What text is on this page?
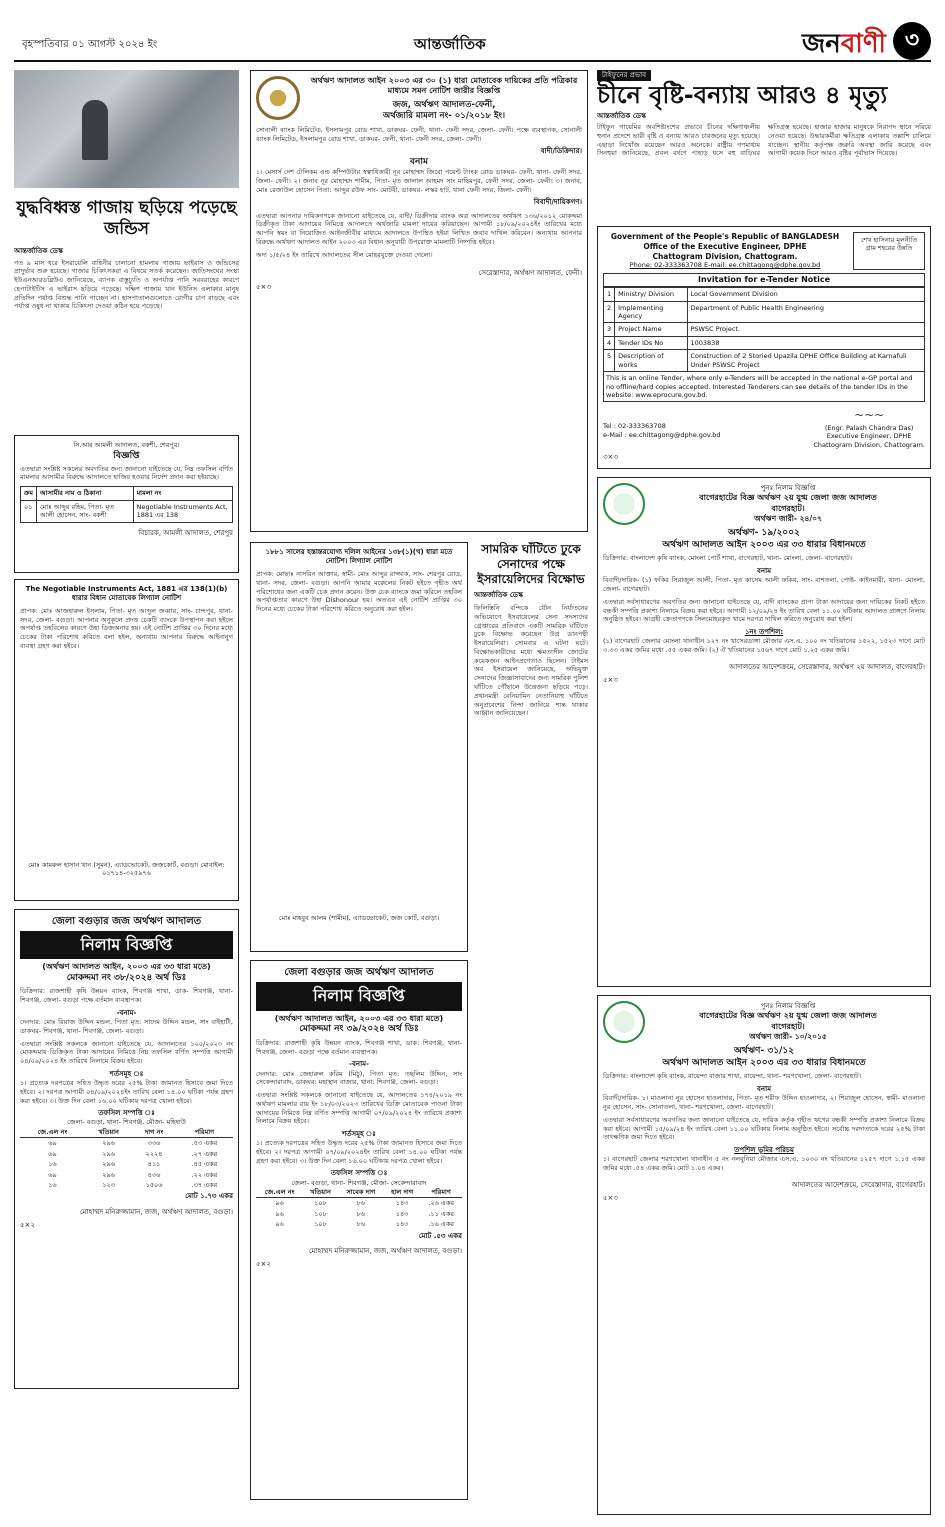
বৃহস্পতিবার ০১ আগস্ট ২০২৪ ইং	আন্তর্জাতিক	জনবাণী ৩
যুদ্ধবিধ্বস্ত গাজায় ছড়িয়ে পড়েছে জন্ডিস
আন্তর্জাতিক ডেস্ক
গত ৯ মাস ধরে ইসরায়েলি বাহিনীর চালানো হামলায় গাজায় ভাইরাস ও জন্ডিসের প্রাদুর্ভাব শুরু হয়েছে। গাজার চিকিৎসকরা এ বিষয়ে সতর্ক করেছেন। জাতিসংঘের সংস্থা ইউএনআরডব্লিউএ জানিয়েছে, ব্যাপক বাস্তুচ্যুতি ও অপর্যাপ্ত পানি সরবরাহের কারণে হেপাটাইটিস এ ভাইরাস ছড়িয়ে পড়েছে। দক্ষিণ গাজায় খান ইউনিস এলাকার মানুষ প্রতিদিন পর্যাপ্ত বিশুদ্ধ পানি পাচ্ছেন না। হাসপাতালগুলোতে রোগীর চাপ বাড়ছে এবং পর্যাপ্ত ওষুধ না থাকায় চিকিৎসা দেওয়া কঠিন হয়ে পড়েছে।
সি.আর আমলী আদালত, বকশী, শেরপুর।
বিজ্ঞপ্তি
এতদ্বারা সংশ্লিষ্ট সকলের অবগতির জন্য জানানো যাইতেছে যে, নিম্ন তফসিল বর্ণিত মামলার আসামীর বিরুদ্ধে আদালতে হাজির হওয়ার নির্দেশ প্রদান করা হইয়াছে।
ক্রম	আসামীর নাম ও ঠিকানা	মামলা নং
০১	মোঃ আব্দুর রহিম, পিতা- মৃত আলী হোসেন, সাং- বকশী	Negotiable Instruments Act, 1881 এর 138
বিচারক, আমলী আদালত, শেরপুর
The Negotiable Instruments Act, 1881 এর 138(1)(b) ধারার বিধান মোতাবেক লিগ্যাল নোটিশ
প্রাপক: মোঃ আজহারুল ইসলাম, পিতা- মৃত আব্দুল জব্বার, সাং- চান্দপুর, থানা- সদর, জেলা- বগুড়া। আপনার অনুকূলে প্রদত্ত চেকটি ব্যাংকে উপস্থাপন করা হইলে অপর্যাপ্ত তহবিলের কারণে উহা ডিজঅনার হয়। এই নোটিশ প্রাপ্তির ৩০ দিনের মধ্যে চেকের টাকা পরিশোধ করিতে বলা হইল, অন্যথায় আপনার বিরুদ্ধে আইনানুগ ব্যবস্থা গ্রহণ করা হইবে।
মোঃ কামরুল হাসান খান (সুমন), এ্যাডভোকেট, জজকোর্ট, বগুড়া। মোবাইল: ০১৭১৪-৩২৫৯৭৬
জেলা বগুড়ার জজ অর্থঋণ আদালত
নিলাম বিজ্ঞপ্তি
(অর্থঋণ আদালত আইন, ২০০৩ এর ৩৩ ধারা মতে)
মোকদ্দমা নং ৩৮/২০২৪ অর্থ ডিঃ
ডিক্রিদার: রাজশাহী কৃষি উন্নয়ন ব্যাংক, শিবগঞ্জ শাখা, ডাক- শিবগঞ্জ, থানা- শিবগঞ্জ, জেলা- বগুড়া পক্ষে বর্তমান ব্যবস্থাপক।
-বনাম-
দেনদার: মোঃ রিয়াজ উদ্দিন মন্ডল, পিতা মৃত: সাদেম উদ্দিন মন্ডল, সাং বাইহাটী, ডাকঘর- শিবগঞ্জ, থানা- শিবগঞ্জ, জেলা- বগুড়া।
এতদ্বারা সংশ্লিষ্ট সকলকে জানানো যাইতেছে যে, আদালতের ১০০/২০২৩ নং মোকদ্দমায় ডিক্রিকৃত টাকা আদায়ের নিমিত্তে নিম্ন তফসিল বর্ণিত সম্পত্তি আগামী ০৪/০৯/২০২৪ ইং তারিখে নিলামে বিক্রয় হইবে।
শর্তসমূহ ঃ
১। প্রত্যেক দরপত্রের সহিত উদ্ধৃত দরের ২৫% টাকা জামানত হিসাবে জমা দিতে হইবে। ২। দরপত্র আগামী ০৪/০৯/২০২৪ইং তারিখ বেলা ১৪.০০ ঘটিকা পর্যন্ত গ্রহণ করা হইবে। ৩। উক্ত দিন বেলা ১৬.০০ ঘটিকায় দরপত্র খোলা হইবে।
তফসিল সম্পত্তি ঃ
জেলা- বগুড়া, থানা- শিবগঞ্জ, মৌজা- মহিষাউ
জে.এল নং	খতিয়ান	দাগ নং	পরিমাণ
৬৯	২৯৬	৩৩৬	.৫৩ একর
৬৯	২৯৬	২২২৪	.২৭ একর
১৬	২৯৬	৪১১	.৪৫ একর
৬৯	২৯৬	৪৩৬	.২২ একর
১৬	১২৩	১৫০৬	.৩৭ একর
মোট ১.৭৩ একর
মোহাম্মদ মনিরুজ্জামান, জজ, অর্থঋণ আদালত, বগুড়া।
৫×২
অর্থঋণ আদালত আইন ২০০৩ এর ৩০ (১) ধারা মোতাবেক দায়িকের প্রতি পত্রিকার মাধ্যমে সমন নোটিশ জারীর বিজ্ঞপ্তি
জজ, অর্থঋণ আদালত-ফেনী,
অর্থজারি মামলা নং- ০১/২০১৮ ইং।
সোনালী ব্যাংক লিমিটেড, ইসলামপুর রোড শাখা, ডাকঘর- ফেনী, থানা- ফেনী সদর, জেলা- ফেনী। পক্ষে ব্যবস্থাপক, সোনালী ব্যাংক লিমিটেড, ইসলামপুর রোড শাখা, ডাকঘর- ফেনী, থানা- ফেনী সদর, জেলা- ফেনী।
বাদী/ডিক্রিদার।
বনাম
১। মেসার্স দেশ টেলিকম এন্ড কম্পিউটার স্বত্বাধিকারী নূর মোহাম্মদ জিরো পয়েন্ট ট্যাংক রোড ডাকঘর- ফেনী, থানা- ফেনী সদর, জিলা- ফেনী। ২। জনাব নূর মোহাম্মদ শামীম, পিতা- মৃত জালাল আহমদ সাং মাছিমপুর, ফেনী সদর, জেলা- ফেনী। ৩। জনাব, মোঃ রেজাউল হোসেন পিতা: আব্দুর রউফ সাং- মোটবী, ডাকঘর- লস্কর হাট, থানা ফেনী সদর, জিলা- ফেনী।
বিবাদী/দায়িকগণ।
এতদ্বারা আপনার দায়িকগণকে জানানো যাইতেছে যে, বাদী/ ডিক্রীদার ব্যাংক অত্র আদালতের অর্থঋণ ১৩৬/২০১২ মোকদ্দমা ডিক্রীকৃত টাকা আদায়ের নিমিত্তে আদালতে অর্থজারি মামলা দায়ের করিয়াছেন। আগামী ১৮/০৯/২০২৪ইং তারিখের মধ্যে আপনি স্বয়ং বা নিয়োজিত আইনজীবীর মাধ্যমে আদালতে উপস্থিত হইয়া লিখিত জবাব দাখিল করিবেন। অন্যথায় আপনার বিরুদ্ধে অর্থঋণ আদালত আইন ২০০৩ এর বিধান অনুযায়ী উপরোক্ত মামলাটি নিষ্পত্তি হইবে।
অদ্য ১/৫/২৪ ইং তারিখে আদালতের সীল মোহরযুক্তে দেওয়া গেলো।
সেরেস্তাদার, অর্থঋণ আদালত, ফেনী।
৫×৩
১৮৮১ সালের হস্তান্তরযোগ্য দলিল আইনের ১৩৮(১)(খ) ধারা মতে নোটিশ। লিগ্যাল নোটিশ
প্রাপক: মোছাঃ নাসরিন আক্তার, স্বামী- মোঃ আব্দুর রাজ্জাক, সাং- শেরপুর রোড, থানা- সদর, জেলা- বগুড়া। আপনি আমার মক্কেলের নিকট হইতে গৃহীত অর্থ পরিশোধের জন্য একটি চেক প্রদান করেন। উক্ত চেক ব্যাংকে জমা করিলে তহবিল অপর্যাপ্ততার কারণে উহা Dishonour হয়। অতএব এই নোটিশ প্রাপ্তির ৩০ দিনের মধ্যে চেকের টাকা পরিশোধ করিতে অনুরোধ করা হইল।
মোঃ মাহবুব আলম (শামীম), এ্যাডভোকেট, জজ কোর্ট, বগুড়া।
সামরিক ঘাঁটিতে ঢুকে সেনাদের পক্ষে ইসরায়েলিদের বিক্ষোভ
আন্তর্জাতিক ডেস্ক
ফিলিস্তিনি বন্দিকে যৌন নির্যাতনের অভিযোগে ইসরায়েলের সেনা সদস্যদের গ্রেপ্তারের প্রতিবাদে একটি সামরিক ঘাঁটিতে ঢুকে বিক্ষোভ করেছেন উগ্র ডানপন্থী ইসরায়েলিরা। সোমবার এ ঘটনা ঘটে। বিক্ষোভকারীদের মধ্যে ক্ষমতাসীন জোটের কয়েকজন আইনপ্রণেতাও ছিলেন। টাইমস অব ইসরায়েল জানিয়েছে, অভিযুক্ত সেনাদের জিজ্ঞাসাবাদের জন্য সামরিক পুলিশ ঘাঁটিতে পৌঁছালে উত্তেজনা ছড়িয়ে পড়ে। প্রধানমন্ত্রী বেনিয়ামিন নেতানিয়াহু ঘাঁটিতে অনুপ্রবেশের নিন্দা জানিয়ে শান্ত থাকার আহ্বান জানিয়েছেন।
জেলা বগুড়ার জজ অর্থঋণ আদালত
নিলাম বিজ্ঞপ্তি
(অর্থঋণ আদালত আইন, ২০০৩ এর ৩৩ ধারা মতে)
মোকদ্দমা নং ৩৯/২০২৪ অর্থ ডিঃ
ডিক্রিদার: রাজশাহী কৃষি উন্নয়ন ব্যাংক, শিবগঞ্জ শাখা, ডাক: শিবগঞ্জ, থানা- শিবগঞ্জ, জেলা- বগুড়া পক্ষে বর্তমান ব্যবস্থাপক।
-বনাম-
দেনদার: মোঃ জেহারুল করিম (মিঠু), পিতা মৃত: তছলিম উদ্দিন, সাং সেকেন্দারাবাদ, ডাকঘর: মহাস্থান বাজার, থানা: শিবগঞ্জ, জেলা- বগুড়া।
এতদ্বারা সংশ্লিষ্ট সকলকে জানানো যাইতেছে যে, আদালতের ১৭৪/২০১৯ নং অর্থঋণ মামলার রায় ইং ১৮/০৩/২০২৩ তারিখের ডিক্রি মোতাবেক পাওনা টাকা আদায়ের নিমিত্তে নিম্ন বর্ণিত সম্পত্তি আগামী ০৭/০৯/২০২৪ ইং তারিখে প্রকাশ্য নিলামে বিক্রয় হইবে।
শর্তসমূহ ঃ
১। প্রত্যেক দরপত্রের সহিত উদ্ধৃত দরের ২৫% টাকা জামানত হিসাবে জমা দিতে হইবে। ২। দরপত্র আগামী ০৭/০৯/২০২৪ইং তারিখ বেলা ১৪.০০ ঘটিকা পর্যন্ত গ্রহণ করা হইবে। ৩। উক্ত দিন বেলা ১৬.০০ ঘটিকায় দরপত্র খোলা হইবে।
তফসিল সম্পত্তি ঃ
জেলা- বগুড়া, থানা- শিবগঞ্জ, মৌজা- সেকেন্দারাবাদ
জে.এল নং	খতিয়ান	সাবেক দাগ	হাল দাগ	পরিমাণ
৯৬	১০৮	৮৬	১৪৩	.২৬ একর
৯৬	১০৮	৮৬	১৪৩	.১১ একর
৯৬	১০৮	৮৬	১৪৩	.১৬ একর
মোট .৫৩ একর
মোহাম্মদ মনিরুজ্জামান, জজ, অর্থঋণ আদালত, বগুড়া।
৫×২

টাইফুনের প্রভাব
চীনে বৃষ্টি-বন্যায় আরও ৪ মৃত্যু
আন্তর্জাতিক ডেস্ক
টাইফুন গায়েমির অবশিষ্টাংশের প্রভাবে চীনের দক্ষিণাঞ্চলীয় হুনান প্রদেশে ভারী বৃষ্টি ও বন্যায় আরও চারজনের মৃত্যু হয়েছে। এছাড়া নিখোঁজ রয়েছেন আরও অনেকে। রাষ্ট্রীয় গণমাধ্যম সিনহুয়া জানিয়েছে, প্রবল বর্ষণে পাহাড় ধসে বহু বাড়িঘর ক্ষতিগ্রস্ত হয়েছে। হাজার হাজার মানুষকে নিরাপদ স্থানে সরিয়ে নেওয়া হয়েছে। উদ্ধারকর্মীরা ক্ষতিগ্রস্ত এলাকায় তল্লাশি চালিয়ে যাচ্ছেন। স্থানীয় কর্তৃপক্ষ জরুরি অবস্থা জারি করেছে এবং আগামী কয়েক দিনে আরও বৃষ্টির পূর্বাভাস দিয়েছে।
Government of the People's Republic of BANGLADESH
Office of the Executive Engineer, DPHE
Chattogram Division, Chattogram.
Phone: 02-333363708 E-mail: ee.chittagong@dphe.gov.bd
শেখ হাসিনার মূলনীতি গ্রাম শহরের উন্নতি
Invitation for e-Tender Notice
1	Ministry/ Division	Local Government Division
2	Implementing Agency	Department of Public Health Engineering
3	Project Name	PSWSC Project.
4	Tender IDs No	1003838
5	Description of works	Construction of 2 Storied Upazila DPHE Office Building at Karnafuli Under PSWSC Project
This is an online Tender, where only e-Tenders will be accepted in the national e-GP portal and no offline/hard copies accepted. Interested Tenderers can see details of the tender IDs in the website: www.eprocure.gov.bd.
Tel : 02-333363708
e-Mail : ee.chittagong@dphe.gov.bd
~~~
(Engr. Palash Chandra Das)
Executive Engineer, DPHE
Chattogram Division, Chattogram.
৩×৩
পুনঃ নিলাম বিজ্ঞপ্তি
বাগেরহাটের বিজ্ঞ অর্থঋণ ২য় যুগ্ম জেলা জজ আদালত
বাগেরহাট।
অর্থঋণ জারী- ২৪/০৭
অর্থঋণ- ১৯/২০০২
অর্থঋণ আদালত আইন ২০০৩ এর ৩৩ ধারার বিধানমতে
ডিক্রিদার: বাংলাদেশ কৃষি ব্যাংক, মোংলা পোর্ট শাখা, বাগেরহাট, থানা- মোংলা, জেলা- বাগেরহাট।
বনাম
বিবাদী/দায়িক- (১) ফকির সিরাজুল আলী, পিতা- মৃত কাসেম আলী ফকির, সাং- বাশতলা, পোষ্ট- কাইনমারী, থানা- মোংলা, জেলা- বাগেরহাট।
এতদ্বারা সর্বসাধারণের অবগতির জন্য জানানো যাইতেছে যে, বাদী ব্যাংকের প্রাপ্য টাকা আদায়ের জন্য দায়িকের নিকট হইতে বন্ধকী সম্পত্তি প্রকাশ্য নিলামে বিক্রয় করা হইবে। আগামী ১২/০৯/২৪ ইং তারিখ বেলা ১১.০০ ঘটিকায় আদালত প্রাঙ্গণে নিলাম অনুষ্ঠিত হইবে। আগ্রহী ক্রেতাগণকে সিলমোহরকৃত খামে দরপত্র দাখিল করিতে অনুরোধ করা হইল।
১নং তপশিল:
(১) বাগেরহাট জেলার মোংলা থানাধীন ১২৭ নং খাসেরডাঙ্গা মৌজার এস.এ. ১০০ নং খতিয়ানের ১৫২২, ১৫২৩ দাগে মোট ৩.৩৩ একর জমির মধ্যে .৫৫ একর জমি। (২) ঐ খতিয়ানের ১৫৬৭ দাগে মোট ১.২৫ একর জমি।
আদালতের আদেশক্রমে, সেরেস্তাদার, অর্থঋণ ২য় আদালত, বাগেরহাট।
৫×৩
পুনঃ নিলাম বিজ্ঞপ্তি
বাগেরহাটের বিজ্ঞ অর্থঋণ ২য় যুগ্ম জেলা জজ আদালত
বাগেরহাট।
অর্থঋণ জারী- ১০/২০১৫
অর্থঋণ- ৩১/১২
অর্থঋণ আদালত আইন ২০০৩ এর ৩৩ ধারার বিধানমতে
ডিক্রিদার: বাংলাদেশ কৃষি ব্যাংক, রায়েন্দা বাজার শাখা, রায়েন্দা, থানা- শরণখোলা, জেলা- বাগেরহাট।
বনাম
বিবাদী/দায়িক- ১। মাওলানা নুর হোসেন হাওলাদার, পিতা- মৃত শরীফ উদ্দিন হাওলাদার, ২। শিরাজুল হোসেন, স্বামী- মাওলানা নুর হোসেন, সাং- সোনাতলা, থানা- শরণখোলা, জেলা- বাগেরহাট।
এতদ্বারা সর্বসাধারণের অবগতির জন্য জানানো যাইতেছে যে, দায়িক কর্তৃক গৃহীত ঋণের বন্ধকী সম্পত্তি প্রকাশ্য নিলামে বিক্রয় করা হইবে। আগামী ১৫/০৯/২৪ ইং তারিখ বেলা ১১.০০ ঘটিকায় নিলাম অনুষ্ঠিত হইবে। সর্বোচ্চ দরদাতাকে দরের ২৫% টাকা তাৎক্ষণিক জমা দিতে হইবে।
তপশিল ভূমির পরিচয়
১। বাগেরহাট জেলার শরণখোলা থানাধীন ৫ নং নলবুনিয়া মৌজার এস.এ. ১০৩০ নং খতিয়ানের ১২৫৭ দাগে ১.১৫ একর জমির মধ্যে .৫৪ একর জমি। মোট ১.০৪ একর।
আদালতের আদেশক্রমে, সেরেস্তাদার, বাগেরহাট।
৫×৩
